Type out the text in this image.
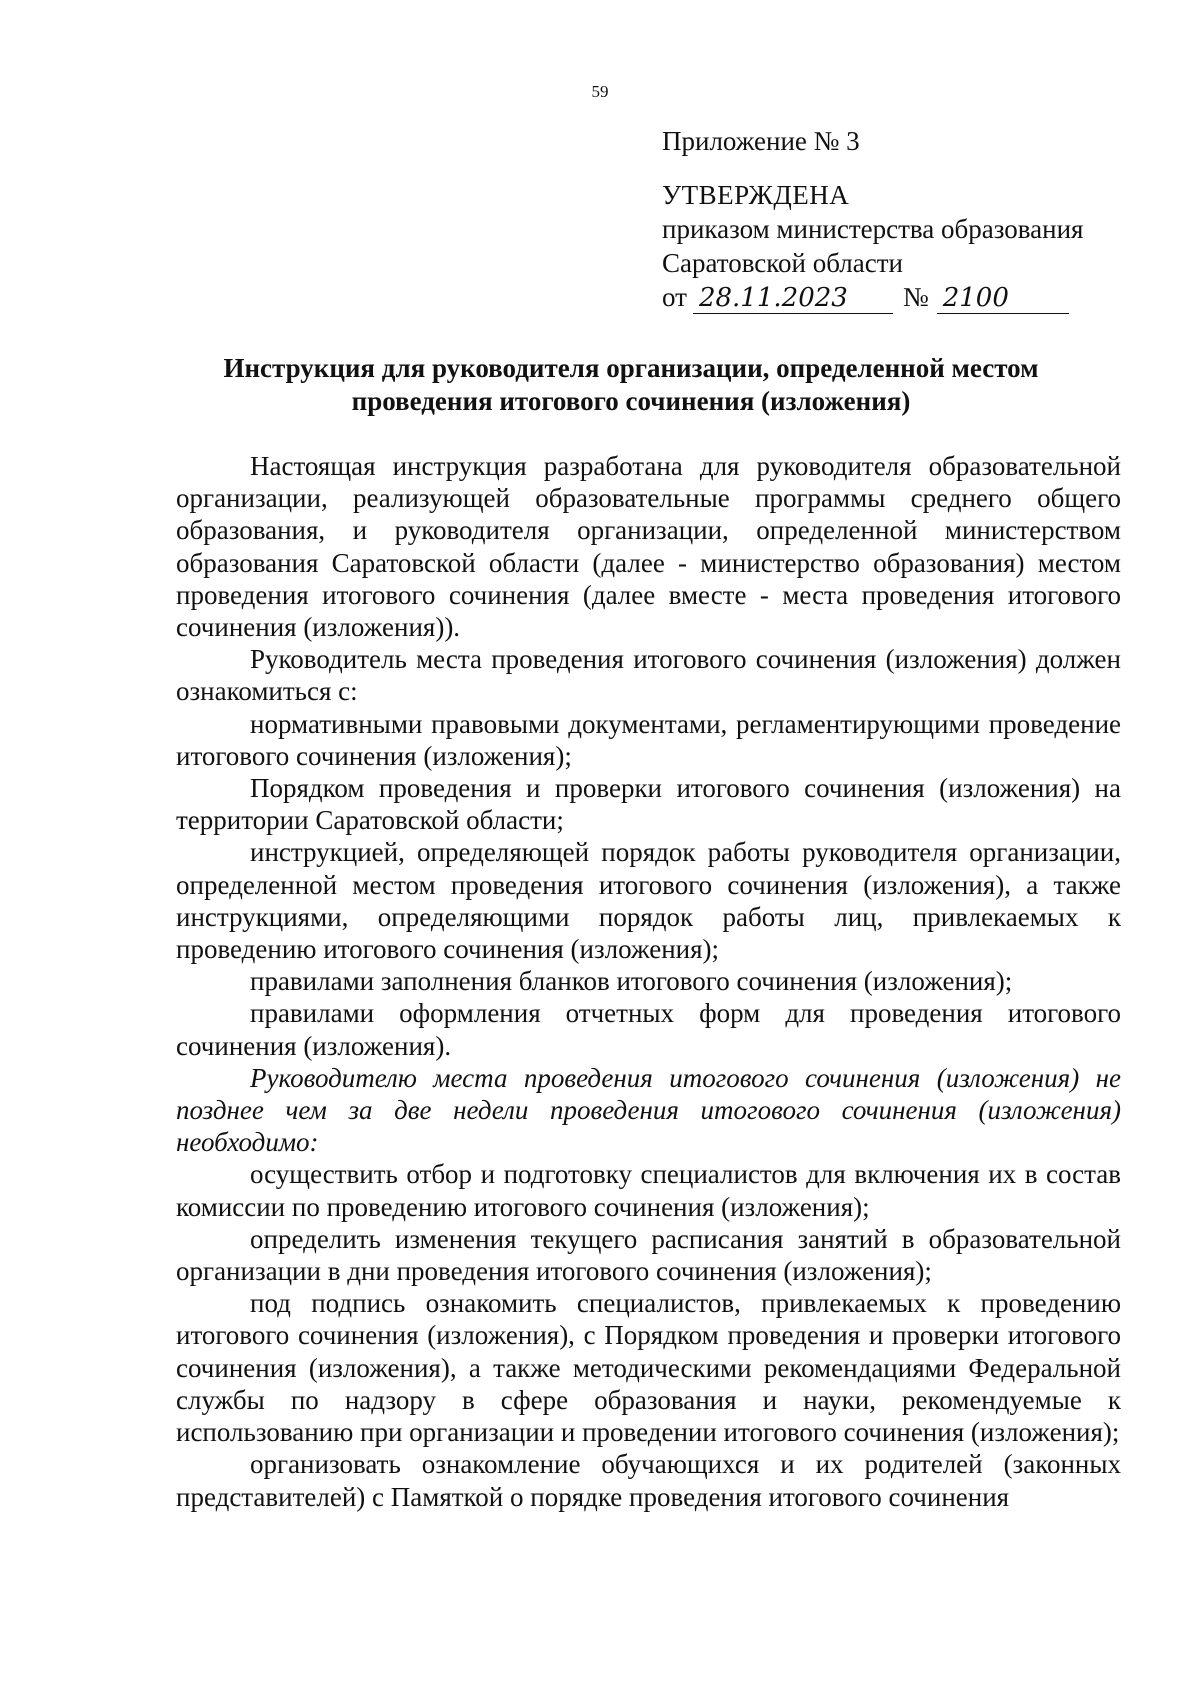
59
Приложение № 3
УТВЕРЖДЕНА
приказом министерства образования
Саратовской области
от 28.11.2023	№ 2100
Инструкция для руководителя организации, определенной местом проведения итогового сочинения (изложения)

Настоящая инструкция разработана для руководителя образовательной организации, реализующей образовательные программы среднего общего образования, и руководителя организации, определенной министерством образования Саратовской области (далее - министерство образования) местом проведения итогового сочинения (далее вместе - места проведения итогового сочинения (изложения)).

Руководитель места проведения итогового сочинения (изложения) должен ознакомиться с:

нормативными правовыми документами, регламентирующими проведение итогового сочинения (изложения);

Порядком проведения и проверки итогового сочинения (изложения) на территории Саратовской области;

инструкцией, определяющей порядок работы руководителя организации, определенной местом проведения итогового сочинения (изложения), а также инструкциями, определяющими порядок работы лиц, привлекаемых к проведению итогового сочинения (изложения);

правилами заполнения бланков итогового сочинения (изложения);

правилами оформления отчетных форм для проведения итогового сочинения (изложения).

Руководителю места проведения итогового сочинения (изложения) не позднее чем за две недели проведения итогового сочинения (изложения) необходимо:

осуществить отбор и подготовку специалистов для включения их в состав комиссии по проведению итогового сочинения (изложения);

определить изменения текущего расписания занятий в образовательной организации в дни проведения итогового сочинения (изложения);

под подпись ознакомить специалистов, привлекаемых к проведению итогового сочинения (изложения), с Порядком проведения и проверки итогового сочинения (изложения), а также методическими рекомендациями Федеральной службы по надзору в сфере образования и науки, рекомендуемые к использованию при организации и проведении итогового сочинения (изложения);

организовать ознакомление обучающихся и их родителей (законных представителей) с Памяткой о порядке проведения итогового сочинения
